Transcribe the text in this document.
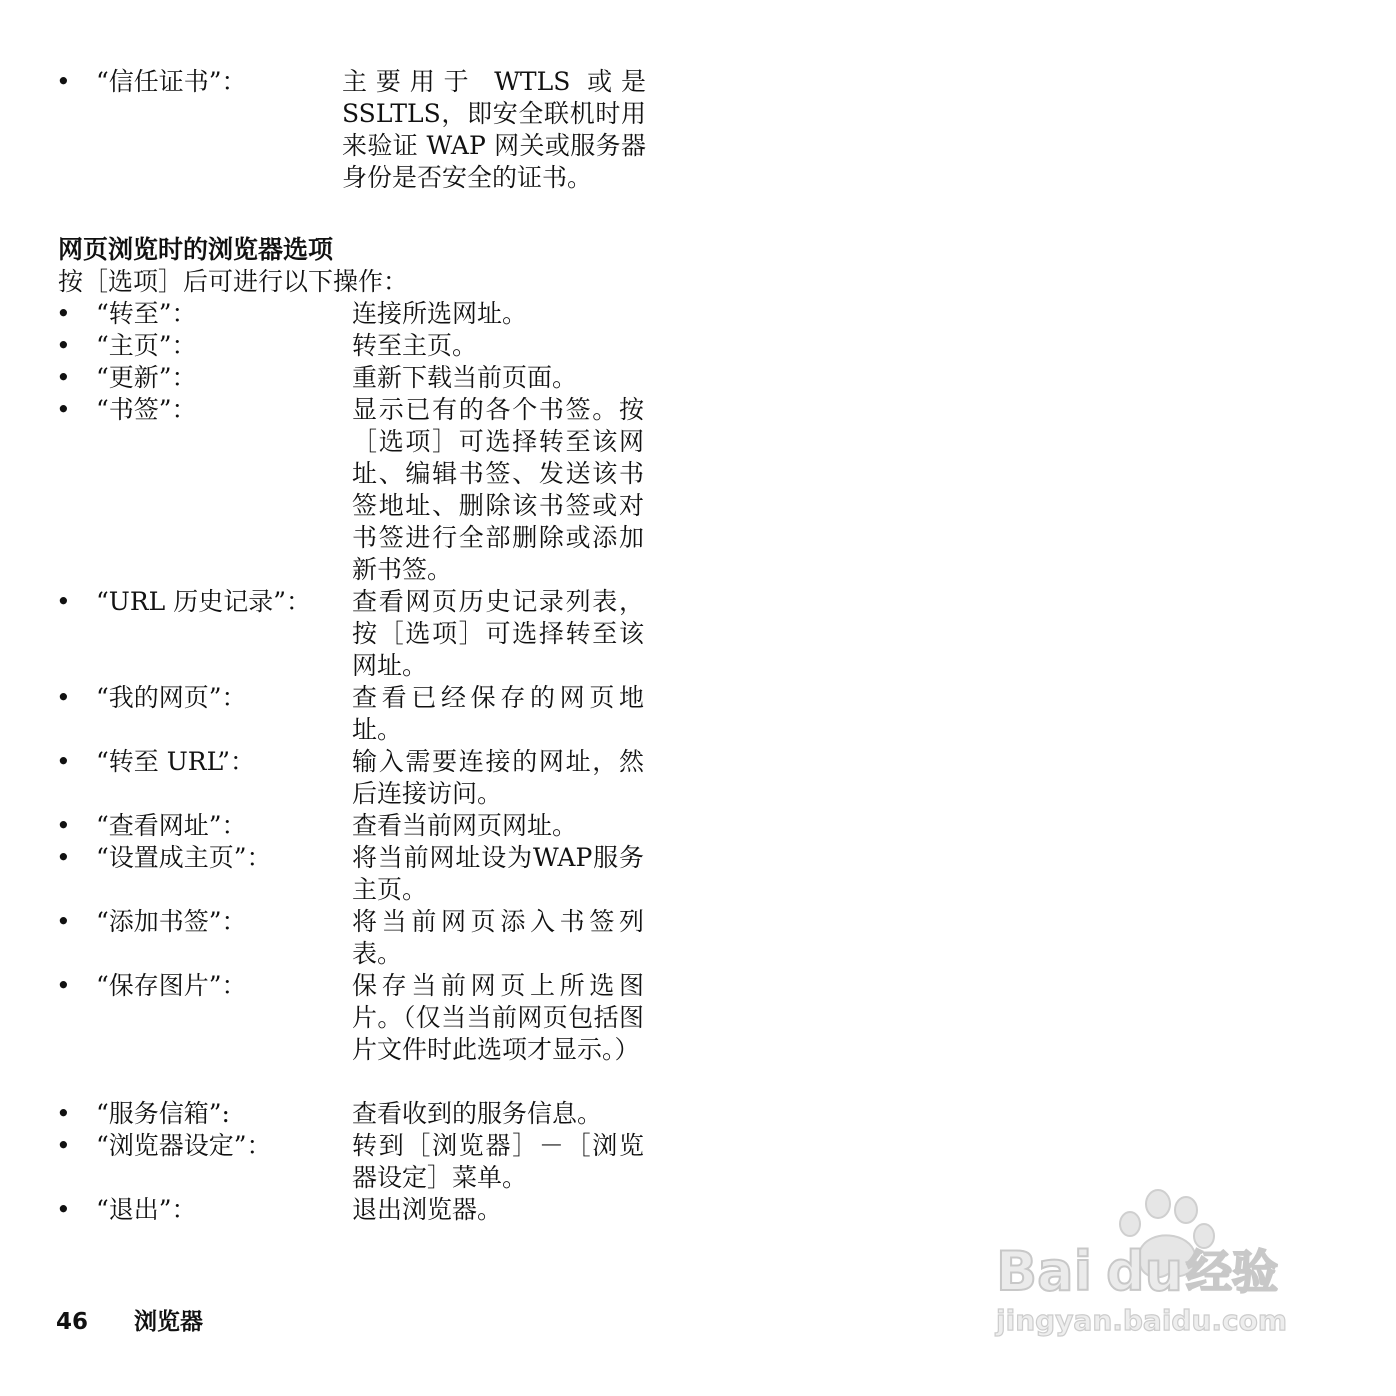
• “信任证书”：	主要用于 WTLS 或是 SSLTLS，即安全联机时用来验证 WAP 网关或服务器身份是否安全的证书。
网页浏览时的浏览器选项
按［选项］后可进行以下操作：
• “转至”：	连接所选网址。
• “主页”：	转至主页。
• “更新”：	重新下载当前页面。
• “书签”：	显示已有的各个书签。按［选项］可选择转至该网址、编辑书签、发送该书签地址、删除该书签或对书签进行全部删除或添加新书签。
• “URL 历史记录”： 查看网页历史记录列表，按［选项］可选择转至该网址。
• “我的网页”：	查看已经保存的网页地址。
• “转至 URL”：	输入需要连接的网址，然后连接访问。
• “查看网址”：	查看当前网页网址。
• “设置成主页”：	将当前网址设为WAP服务主页。
• “添加书签”：	将当前网页添入书签列表。
• “保存图片”：	保存当前网页上所选图片。（仅当当前网页包括图片文件时此选项才显示。）
• “服务信箱”:	查看收到的服务信息。
• “浏览器设定”：	转到［浏览器］－［浏览器设定］菜单。
• “退出”：	退出浏览器。
46 浏览器
Bai du 经验
jingyan.baidu.com
